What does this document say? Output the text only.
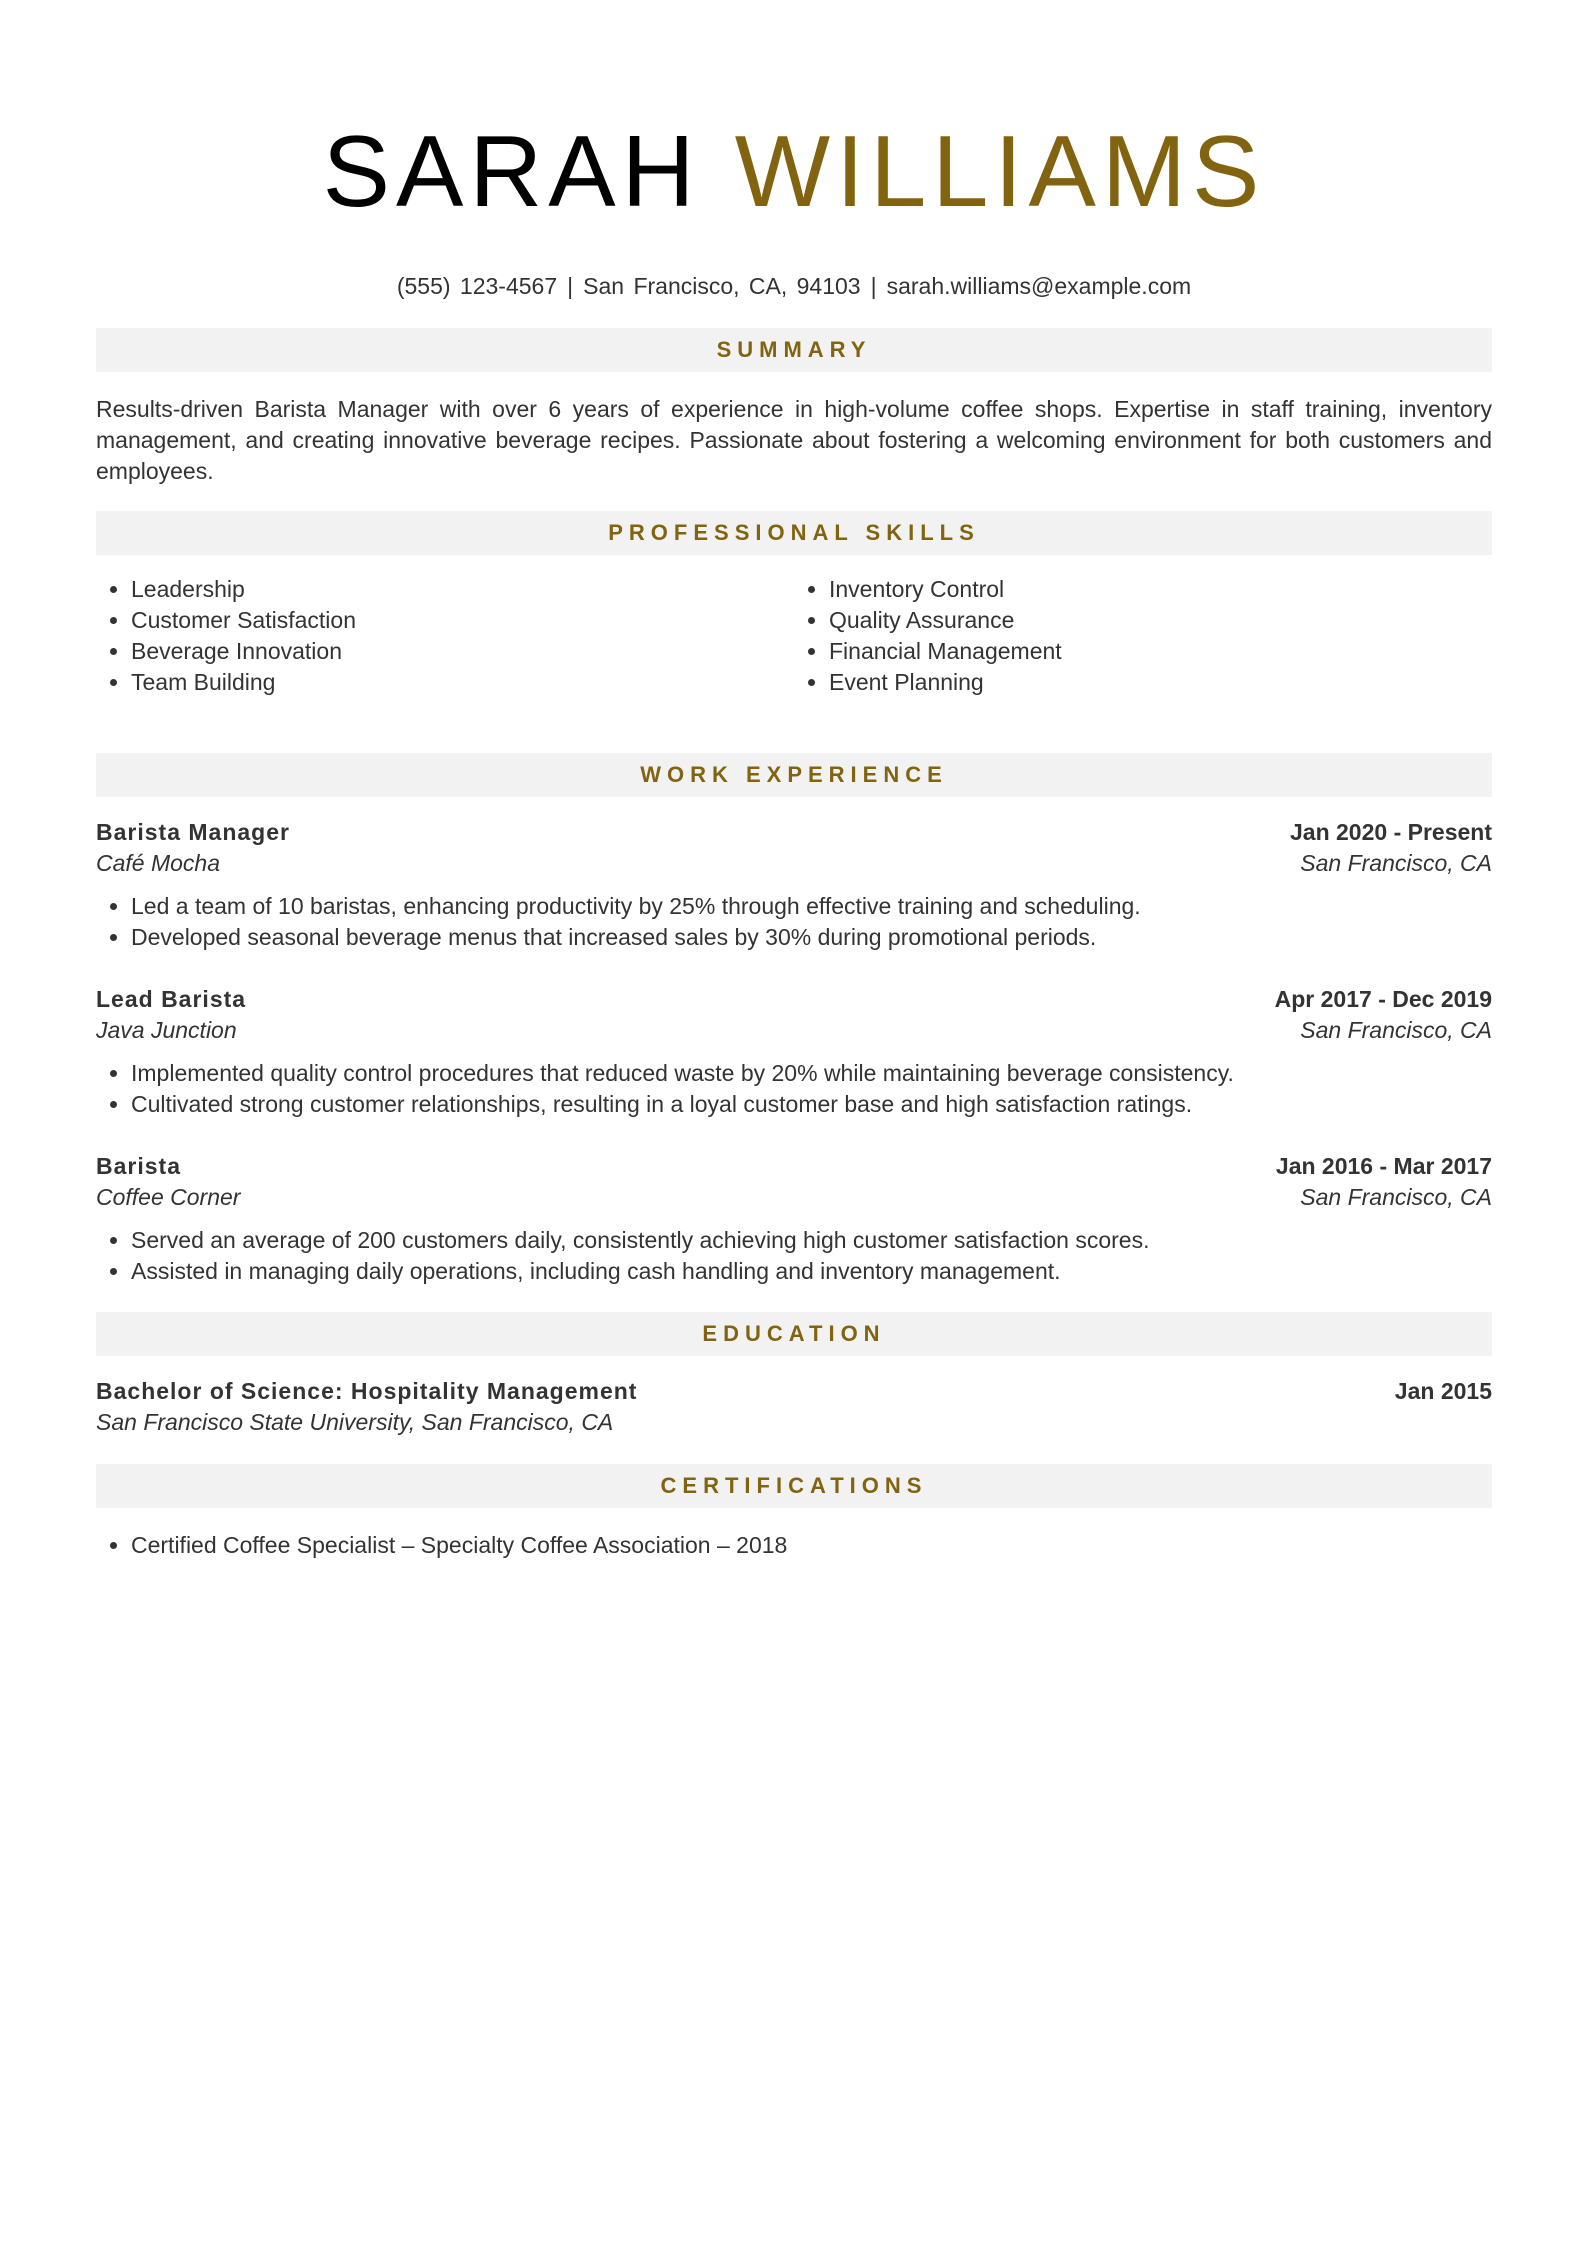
SARAH WILLIAMS
(555) 123-4567 | San Francisco, CA, 94103 | sarah.williams@example.com
SUMMARY

Results-driven Barista Manager with over 6 years of experience in high-volume coffee shops. Expertise in staff training, inventory management, and creating innovative beverage recipes. Passionate about fostering a welcoming environment for both customers and employees.

PROFESSIONAL SKILLS
• Leadership
• Customer Satisfaction
• Beverage Innovation
• Team Building
• Inventory Control
• Quality Assurance
• Financial Management
• Event Planning
WORK EXPERIENCE
Barista Manager	Jan 2020 - Present
Café Mocha	San Francisco, CA
• Led a team of 10 baristas, enhancing productivity by 25% through effective training and scheduling.
• Developed seasonal beverage menus that increased sales by 30% during promotional periods.
Lead Barista	Apr 2017 - Dec 2019
Java Junction	San Francisco, CA
• Implemented quality control procedures that reduced waste by 20% while maintaining beverage consistency.
• Cultivated strong customer relationships, resulting in a loyal customer base and high satisfaction ratings.
Barista	Jan 2016 - Mar 2017
Coffee Corner	San Francisco, CA
• Served an average of 200 customers daily, consistently achieving high customer satisfaction scores.
• Assisted in managing daily operations, including cash handling and inventory management.
EDUCATION
Bachelor of Science: Hospitality Management	Jan 2015
San Francisco State University, San Francisco, CA
CERTIFICATIONS
• Certified Coffee Specialist – Specialty Coffee Association – 2018
